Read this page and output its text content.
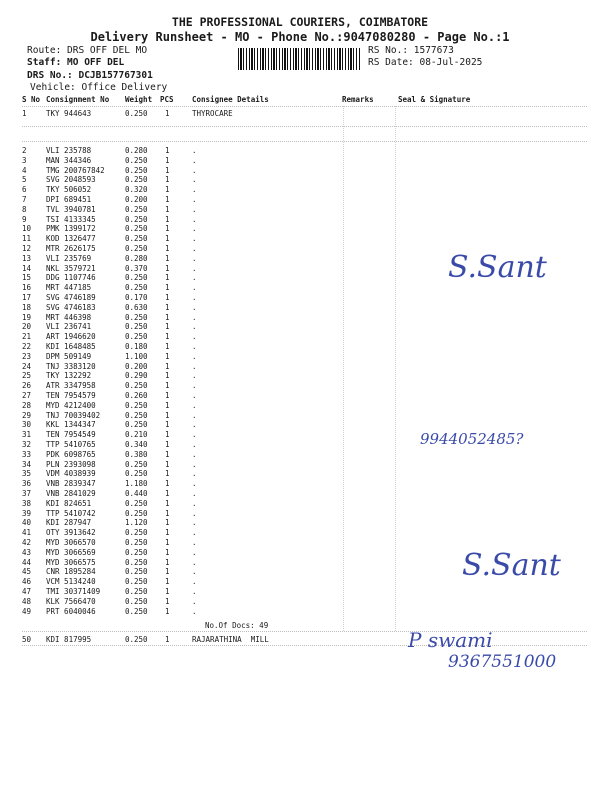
THE PROFESSIONAL COURIERS, COIMBATORE
Delivery Runsheet - MO - Phone No.:9047080280 - Page No.:1
Route: DRS OFF DEL MO
Staff: MO OFF DEL
DRS No.: DCJB157767301
Vehicle: Office Delivery
RS No.: 1577673
RS Date: 08-Jul-2025
S No Consignment No Weight PCS Consignee Details	Remarks	Seal & Signature
1	TKY 944643	0.250 1	THYROCARE
2	VLI 235788	0.280 1	.
3	MAN 344346	0.250 1	.
4	TMG 200767842	0.250 1	.
5	SVG 2048593	0.250 1	.
6	TKY 506052	0.320 1	.
7	DPI 689451	0.200 1	.
8	TVL 3940781	0.250 1	.
9	TSI 4133345	0.250 1	.
10 PMK 1399172	0.250 1	.
11 KOD 1326477	0.250 1	.
12 MTR 2626175	0.250 1	.
13 VLI 235769	0.280 1	.
14 NKL 3579721	0.370 1	.
15 DDG 1107746	0.250 1	.
16 MRT 447185	0.250 1	.
17 SVG 4746189	0.170 1	.
18 SVG 4746183	0.630 1	.
19 MRT 446398	0.250 1	.
20 VLI 236741	0.250 1	.
21 ART 1946620	0.250 1	.
22 KDI 1648485	0.180 1	.
23 DPM 509149	1.100 1	.
24 TNJ 3383120	0.200 1	.
25 TKY 132292	0.290 1	.
26 ATR 3347958	0.250 1	.
27 TEN 7954579	0.260 1	.
28 MYD 4212400	0.250 1	.
29 TNJ 70039402	0.250 1	.
30 KKL 1344347	0.250 1	.
31 TEN 7954549	0.210 1	.
32 TTP 5410765	0.340 1	.
33 PDK 6098765	0.380 1	.
34 PLN 2393098	0.250 1	.
35 VDM 4038939	0.250 1	.
36 VNB 2839347	1.180 1	.
37 VNB 2841029	0.440 1	.
38 KDI 824651	0.250 1	.
39 TTP 5410742	0.250 1	.
40 KDI 287947	1.120 1	.
41 OTY 3913642	0.250 1	.
42 MYD 3066570	0.250 1	.
43 MYD 3066569	0.250 1	.
44 MYD 3066575	0.250 1	.
45 CNR 1895284	0.250 1	.
46 VCM 5134240	0.250 1	.
47 TMI 30371409	0.250 1	.
48 KLK 7566470	0.250 1	.
49 PRT 6040046	0.250 1	.
No.Of Docs: 49
50 KDI 817995	0.250 1	RAJARATHINA  MILL
S.Sant
9944052485?
S.Sant
P swami
9367551000
